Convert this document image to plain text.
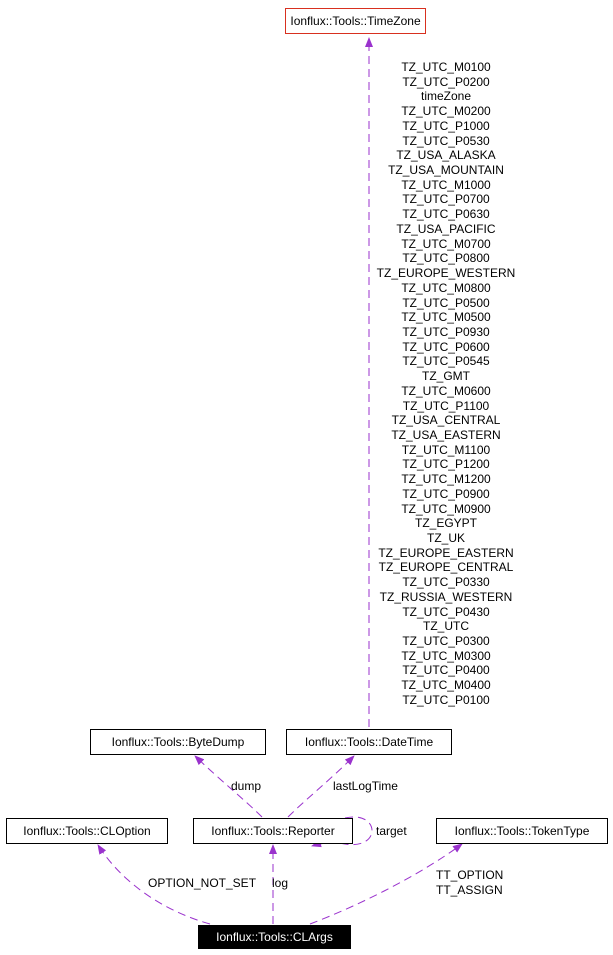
Ionflux::Tools::TimeZone
Ionflux::Tools::ByteDump	Ionflux::Tools::DateTime
Ionflux::Tools::CLOption	Ionflux::Tools::Reporter	Ionflux::Tools::TokenType
Ionflux::Tools::CLArgs
TZ_UTC_M0100
TZ_UTC_P0200
timeZone
TZ_UTC_M0200
TZ_UTC_P1000
TZ_UTC_P0530
TZ_USA_ALASKA
TZ_USA_MOUNTAIN
TZ_UTC_M1000
TZ_UTC_P0700
TZ_UTC_P0630
TZ_USA_PACIFIC
TZ_UTC_M0700
TZ_UTC_P0800
TZ_EUROPE_WESTERN
TZ_UTC_M0800
TZ_UTC_P0500
TZ_UTC_M0500
TZ_UTC_P0930
TZ_UTC_P0600
TZ_UTC_P0545
TZ_GMT
TZ_UTC_M0600
TZ_UTC_P1100
TZ_USA_CENTRAL
TZ_USA_EASTERN
TZ_UTC_M1100
TZ_UTC_P1200
TZ_UTC_M1200
TZ_UTC_P0900
TZ_UTC_M0900
TZ_EGYPT
TZ_UK
TZ_EUROPE_EASTERN
TZ_EUROPE_CENTRAL
TZ_UTC_P0330
TZ_RUSSIA_WESTERN
TZ_UTC_P0430
TZ_UTC
TZ_UTC_P0300
TZ_UTC_M0300
TZ_UTC_P0400
TZ_UTC_M0400
TZ_UTC_P0100
dump	lastLogTime
target
OPTION_NOT_SET log
TT_OPTION
TT_ASSIGN
